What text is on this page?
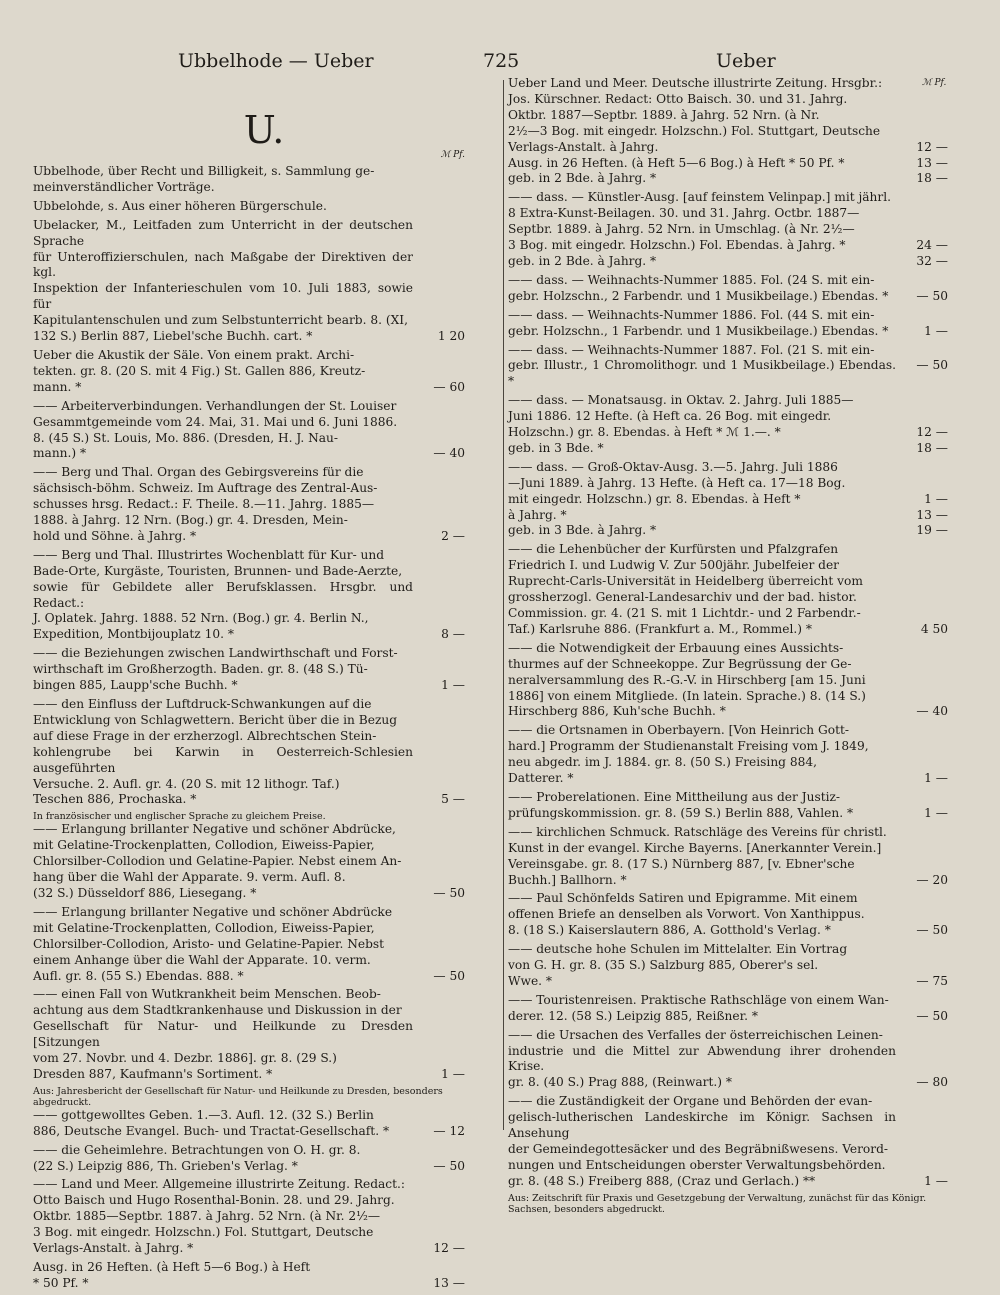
Ubbelhode — Ueber	725	Ueber
U.
ℳ Pf.
Ubbelhode, über Recht und Billigkeit, s. Sammlung ge-
meinverständlicher Vorträge.
Ubbelohde, s. Aus einer höheren Bürgerschule.
Ubelacker, M., Leitfaden zum Unterricht in der deutschen Sprache
für Unteroffizierschulen, nach Maßgabe der Direktiven der kgl.
Inspektion der Infanterieschulen vom 10. Juli 1883, sowie für
Kapitulantenschulen und zum Selbstunterricht bearb. 8. (XI,
132 S.) Berlin 887, Liebel'sche Buchh. cart. *	1 20
Ueber die Akustik der Säle. Von einem prakt. Archi-
tekten. gr. 8. (20 S. mit 4 Fig.) St. Gallen 886, Kreutz-
mann. *	— 60
—— Arbeiterverbindungen. Verhandlungen der St. Louiser
Gesammtgemeinde vom 24. Mai, 31. Mai und 6. Juni 1886.
8. (45 S.) St. Louis, Mo. 886. (Dresden, H. J. Nau-
mann.) *	— 40
—— Berg und Thal. Organ des Gebirgsvereins für die
sächsisch-böhm. Schweiz. Im Auftrage des Zentral-Aus-
schusses hrsg. Redact.: F. Theile. 8.—11. Jahrg. 1885—
1888. à Jahrg. 12 Nrn. (Bog.) gr. 4. Dresden, Mein-
hold und Söhne. à Jahrg. *	2 —
—— Berg und Thal. Illustrirtes Wochenblatt für Kur- und
Bade-Orte, Kurgäste, Touristen, Brunnen- und Bade-Aerzte,
sowie für Gebildete aller Berufsklassen. Hrsgbr. und Redact.:
J. Oplatek. Jahrg. 1888. 52 Nrn. (Bog.) gr. 4. Berlin N.,
Expedition, Montbijouplatz 10. *	8 —
—— die Beziehungen zwischen Landwirthschaft und Forst-
wirthschaft im Großherzogth. Baden. gr. 8. (48 S.) Tü-
bingen 885, Laupp'sche Buchh. *	1 —
—— den Einfluss der Luftdruck-Schwankungen auf die
Entwicklung von Schlagwettern. Bericht über die in Bezug
auf diese Frage in der erzherzogl. Albrechtschen Stein-
kohlengrube bei Karwin in Oesterreich-Schlesien ausgeführten
Versuche. 2. Aufl. gr. 4. (20 S. mit 12 lithogr. Taf.)
Teschen 886, Prochaska. *	5 —
In französischer und englischer Sprache zu gleichem Preise.
—— Erlangung brillanter Negative und schöner Abdrücke,
mit Gelatine-Trockenplatten, Collodion, Eiweiss-Papier,
Chlorsilber-Collodion und Gelatine-Papier. Nebst einem An-
hang über die Wahl der Apparate. 9. verm. Aufl. 8.
(32 S.) Düsseldorf 886, Liesegang. *	— 50
—— Erlangung brillanter Negative und schöner Abdrücke
mit Gelatine-Trockenplatten, Collodion, Eiweiss-Papier,
Chlorsilber-Collodion, Aristo- und Gelatine-Papier. Nebst
einem Anhange über die Wahl der Apparate. 10. verm.
Aufl. gr. 8. (55 S.) Ebendas. 888. *	— 50
—— einen Fall von Wutkrankheit beim Menschen. Beob-
achtung aus dem Stadtkrankenhause und Diskussion in der
Gesellschaft für Natur- und Heilkunde zu Dresden [Sitzungen
vom 27. Novbr. und 4. Dezbr. 1886]. gr. 8. (29 S.)
Dresden 887, Kaufmann's Sortiment. *	1 —
Aus: Jahresbericht der Gesellschaft für Natur- und Heilkunde zu Dresden, besonders abgedruckt.
—— gottgewolltes Geben. 1.—3. Aufl. 12. (32 S.) Berlin
886, Deutsche Evangel. Buch- und Tractat-Gesellschaft. *	— 12
—— die Geheimlehre. Betrachtungen von O. H. gr. 8.
(22 S.) Leipzig 886, Th. Grieben's Verlag. *	— 50
—— Land und Meer. Allgemeine illustrirte Zeitung. Redact.:
Otto Baisch und Hugo Rosenthal-Bonin. 28. und 29. Jahrg.
Oktbr. 1885—Septbr. 1887. à Jahrg. 52 Nrn. (à Nr. 2½—
3 Bog. mit eingedr. Holzschn.) Fol. Stuttgart, Deutsche
Verlags-Anstalt. à Jahrg. *	12 —
Ausg. in 26 Heften. (à Heft 5—6 Bog.) à Heft
* 50 Pf. *	13 —
ℳ Pf.
Ueber Land und Meer. Deutsche illustrirte Zeitung. Hrsgbr.:
Jos. Kürschner. Redact: Otto Baisch. 30. und 31. Jahrg.
Oktbr. 1887—Septbr. 1889. à Jahrg. 52 Nrn. (à Nr.
2½—3 Bog. mit eingedr. Holzschn.) Fol. Stuttgart, Deutsche
Verlags-Anstalt. à Jahrg.	12 —
Ausg. in 26 Heften. (à Heft 5—6 Bog.) à Heft * 50 Pf. *	13 —
geb. in 2 Bde. à Jahrg. *	18 —
—— dass. — Künstler-Ausg. [auf feinstem Velinpap.] mit jährl.
8 Extra-Kunst-Beilagen. 30. und 31. Jahrg. Octbr. 1887—
Septbr. 1889. à Jahrg. 52 Nrn. in Umschlag. (à Nr. 2½—
3 Bog. mit eingedr. Holzschn.) Fol. Ebendas. à Jahrg. *	24 —
geb. in 2 Bde. à Jahrg. *	32 —
—— dass. — Weihnachts-Nummer 1885. Fol. (24 S. mit ein-
gebr. Holzschn., 2 Farbendr. und 1 Musikbeilage.) Ebendas. *	— 50
—— dass. — Weihnachts-Nummer 1886. Fol. (44 S. mit ein-
gebr. Holzschn., 1 Farbendr. und 1 Musikbeilage.) Ebendas. *	1 —
—— dass. — Weihnachts-Nummer 1887. Fol. (21 S. mit ein-
gebr. Illustr., 1 Chromolithogr. und 1 Musikbeilage.) Ebendas. *
— 50
—— dass. — Monatsausg. in Oktav. 2. Jahrg. Juli 1885—
Juni 1886. 12 Hefte. (à Heft ca. 26 Bog. mit eingedr.
Holzschn.) gr. 8. Ebendas. à Heft * ℳ 1.—. *	12 —
geb. in 3 Bde. *	18 —
—— dass. — Groß-Oktav-Ausg. 3.—5. Jahrg. Juli 1886
—Juni 1889. à Jahrg. 13 Hefte. (à Heft ca. 17—18 Bog.
mit eingedr. Holzschn.) gr. 8. Ebendas. à Heft *	1 —
à Jahrg. *	13 —
geb. in 3 Bde. à Jahrg. *	19 —
—— die Lehenbücher der Kurfürsten und Pfalzgrafen
Friedrich I. und Ludwig V. Zur 500jähr. Jubelfeier der
Ruprecht-Carls-Universität in Heidelberg überreicht vom
grossherzogl. General-Landesarchiv und der bad. histor.
Commission. gr. 4. (21 S. mit 1 Lichtdr.- und 2 Farbendr.-
Taf.) Karlsruhe 886. (Frankfurt a. M., Rommel.) *	4 50
—— die Notwendigkeit der Erbauung eines Aussichts-
thurmes auf der Schneekoppe. Zur Begrüssung der Ge-
neralversammlung des R.-G.-V. in Hirschberg [am 15. Juni
1886] von einem Mitgliede. (In latein. Sprache.) 8. (14 S.)
Hirschberg 886, Kuh'sche Buchh. *	— 40
—— die Ortsnamen in Oberbayern. [Von Heinrich Gott-
hard.] Programm der Studienanstalt Freising vom J. 1849,
neu abgedr. im J. 1884. gr. 8. (50 S.) Freising 884,
Datterer. *	1 —
—— Proberelationen. Eine Mittheilung aus der Justiz-
prüfungskommission. gr. 8. (59 S.) Berlin 888, Vahlen. *	1 —
—— kirchlichen Schmuck. Ratschläge des Vereins für christl.
Kunst in der evangel. Kirche Bayerns. [Anerkannter Verein.]
Vereinsgabe. gr. 8. (17 S.) Nürnberg 887, [v. Ebner'sche
Buchh.] Ballhorn. *	— 20
—— Paul Schönfelds Satiren und Epigramme. Mit einem
offenen Briefe an denselben als Vorwort. Von Xanthippus.
8. (18 S.) Kaiserslautern 886, A. Gotthold's Verlag. *	— 50
—— deutsche hohe Schulen im Mittelalter. Ein Vortrag
von G. H. gr. 8. (35 S.) Salzburg 885, Oberer's sel.
Wwe. *	— 75
—— Touristenreisen. Praktische Rathschläge von einem Wan-
derer. 12. (58 S.) Leipzig 885, Reißner. *	— 50
—— die Ursachen des Verfalles der österreichischen Leinen-
industrie und die Mittel zur Abwendung ihrer drohenden Krise.
gr. 8. (40 S.) Prag 888, (Reinwart.) *	— 80
—— die Zuständigkeit der Organe und Behörden der evan-
gelisch-lutherischen Landeskirche im Königr. Sachsen in Ansehung
der Gemeindegottesäcker und des Begräbnißwesens. Verord-
nungen und Entscheidungen oberster Verwaltungsbehörden.
gr. 8. (48 S.) Freiberg 888, (Craz und Gerlach.) **	1 —
Aus: Zeitschrift für Praxis und Gesetzgebung der Verwaltung, zunächst für das Königr. Sachsen, besonders abgedruckt.
